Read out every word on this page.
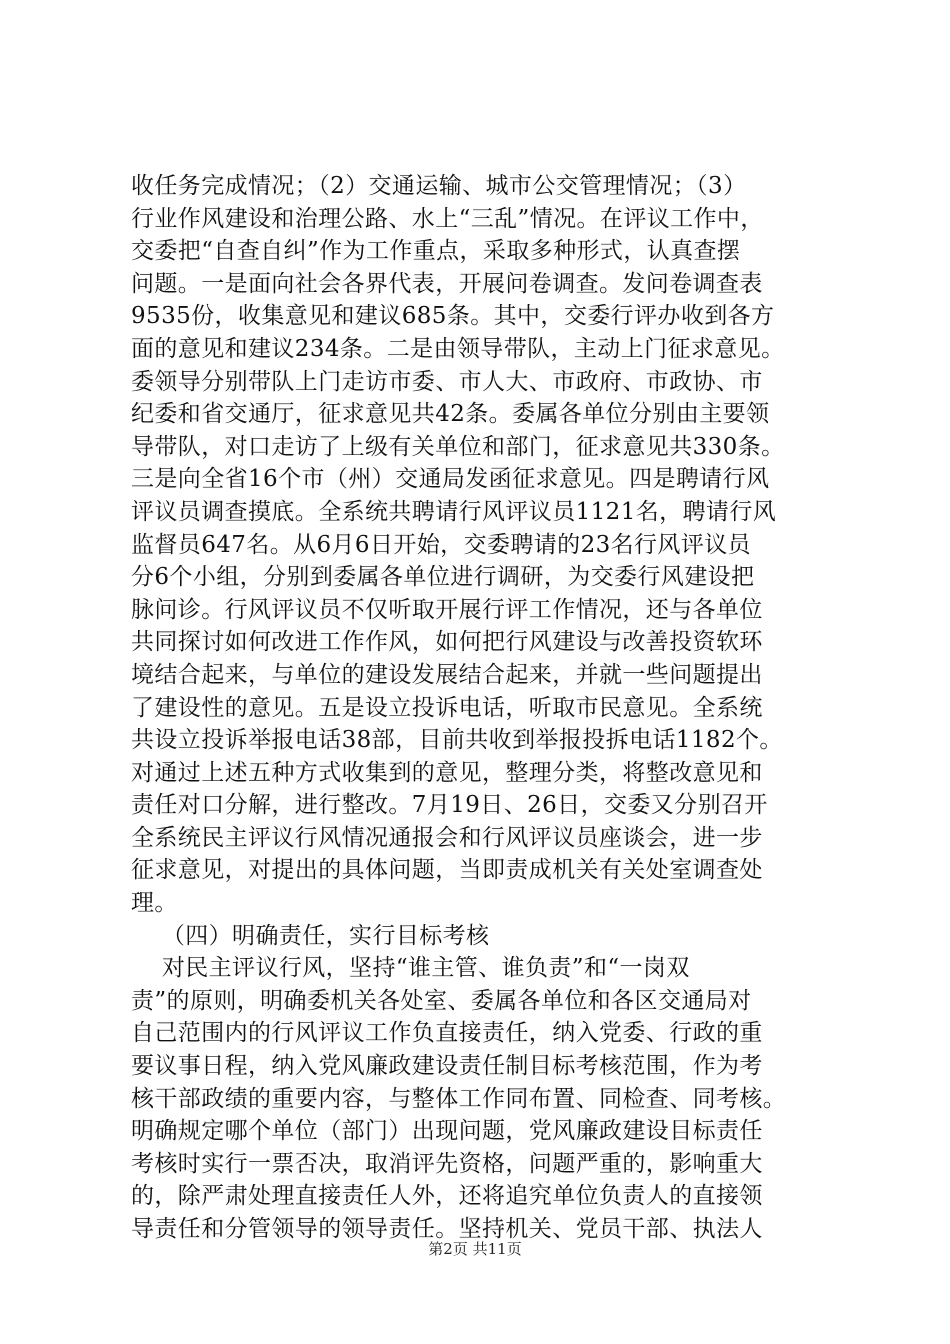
收任务完成情况；（2）交通运输、城市公交管理情况；（3）
行业作风建设和治理公路、水上“三乱”情况。在评议工作中，
交委把“自查自纠”作为工作重点，采取多种形式，认真查摆
问题。一是面向社会各界代表，开展问卷调查。发问卷调查表
9535份，收集意见和建议685条。其中，交委行评办收到各方
面的意见和建议234条。二是由领导带队，主动上门征求意见。
委领导分别带队上门走访市委、市人大、市政府、市政协、市
纪委和省交通厅，征求意见共42条。委属各单位分别由主要领
导带队，对口走访了上级有关单位和部门，征求意见共330条。
三是向全省16个市（州）交通局发函征求意见。四是聘请行风
评议员调查摸底。全系统共聘请行风评议员1121名，聘请行风
监督员647名。从6月6日开始，交委聘请的23名行风评议员
分6个小组，分别到委属各单位进行调研，为交委行风建设把
脉问诊。行风评议员不仅听取开展行评工作情况，还与各单位
共同探讨如何改进工作作风，如何把行风建设与改善投资软环
境结合起来，与单位的建设发展结合起来，并就一些问题提出
了建设性的意见。五是设立投诉电话，听取市民意见。全系统
共设立投诉举报电话38部，目前共收到举报投拆电话1182个。
对通过上述五种方式收集到的意见，整理分类，将整改意见和
责任对口分解，进行整改。7月19日、26日，交委又分别召开
全系统民主评议行风情况通报会和行风评议员座谈会，进一步
征求意见，对提出的具体问题，当即责成机关有关处室调查处
理。
（四）明确责任，实行目标考核
对民主评议行风，坚持“谁主管、谁负责”和“一岗双
责”的原则，明确委机关各处室、委属各单位和各区交通局对
自己范围内的行风评议工作负直接责任，纳入党委、行政的重
要议事日程，纳入党风廉政建设责任制目标考核范围，作为考
核干部政绩的重要内容，与整体工作同布置、同检查、同考核。
明确规定哪个单位（部门）出现问题，党风廉政建设目标责任
考核时实行一票否决，取消评先资格，问题严重的，影响重大
的，除严肃处理直接责任人外，还将追究单位负责人的直接领
导责任和分管领导的领导责任。坚持机关、党员干部、执法人
第2页 共11页
